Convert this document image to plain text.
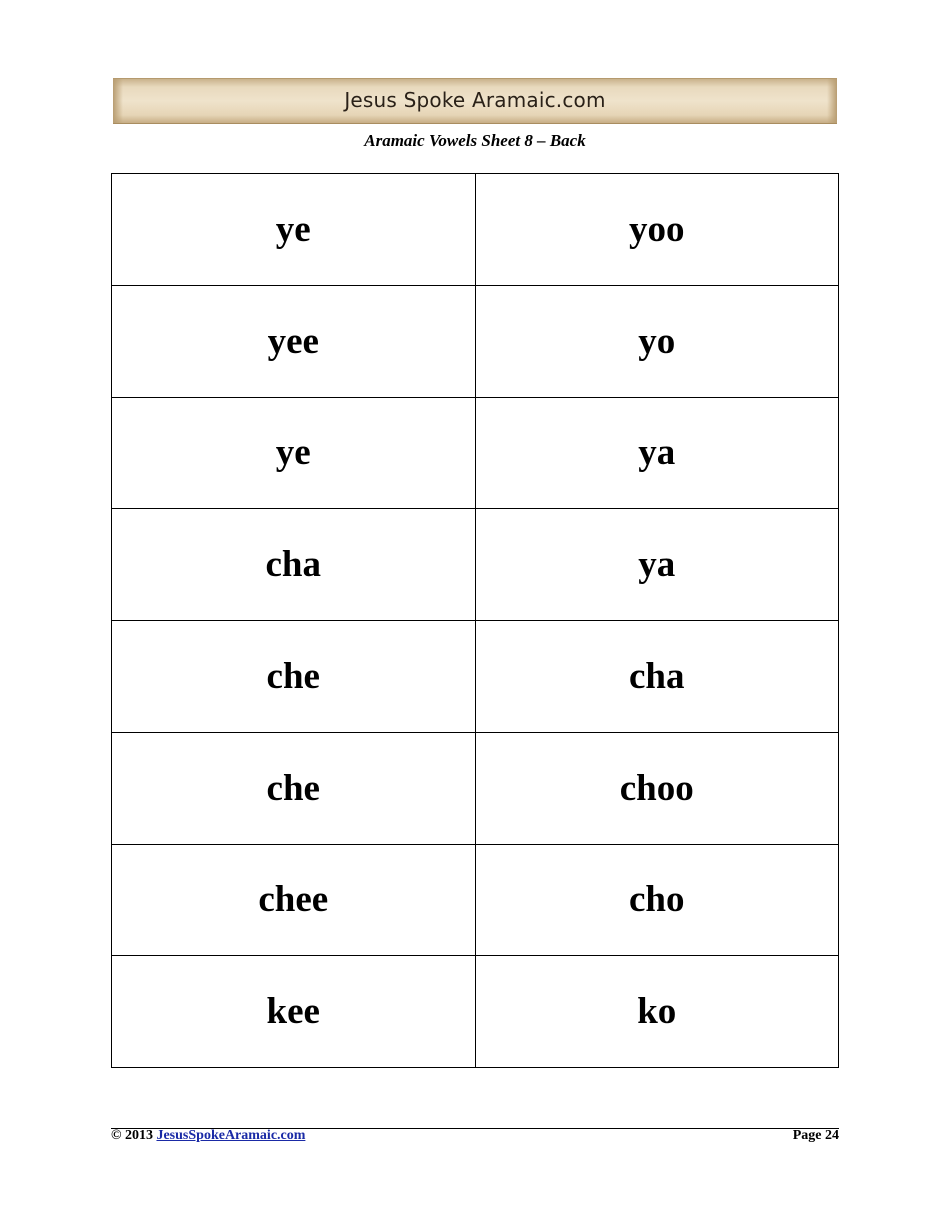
Jesus Spoke Aramaic.com
Aramaic Vowels Sheet 8 – Back
ye	yoo
yee	yo
ye	ya
cha	ya
che	cha
che	choo
chee	cho
kee	ko
© 2013 JesusSpokeAramaic.com	Page 24
